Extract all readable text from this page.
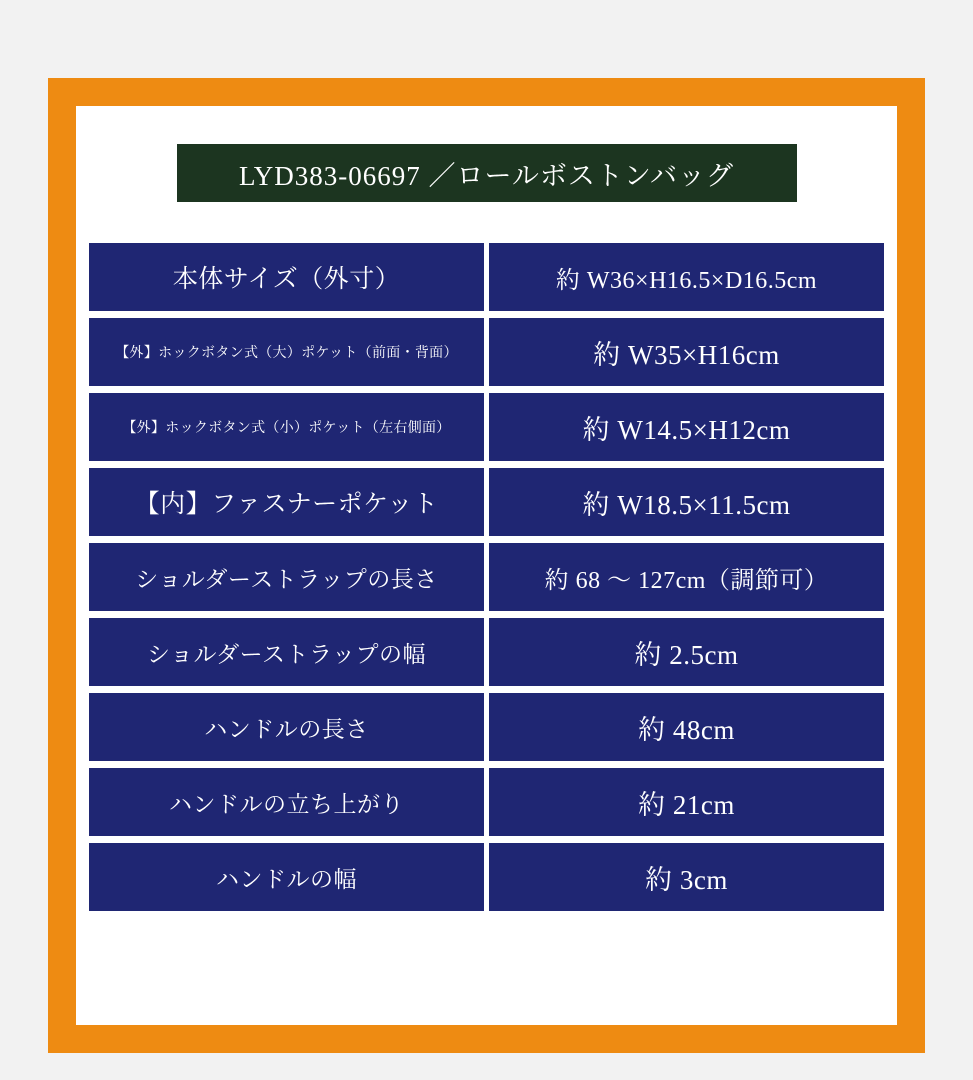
LYD383-06697 ／ロールボストンバッグ
本体サイズ（外寸）	約 W36×H16.5×D16.5cm
【外】ホックボタン式（大）ポケット（前面・背面）	約 W35×H16cm
【外】ホックボタン式（小）ポケット（左右側面）	約 W14.5×H12cm
【内】ファスナーポケット	約 W18.5×11.5cm
ショルダーストラップの長さ	約 68 〜 127cm（調節可）
ショルダーストラップの幅	約 2.5cm
ハンドルの長さ	約 48cm
ハンドルの立ち上がり	約 21cm
ハンドルの幅	約 3cm
